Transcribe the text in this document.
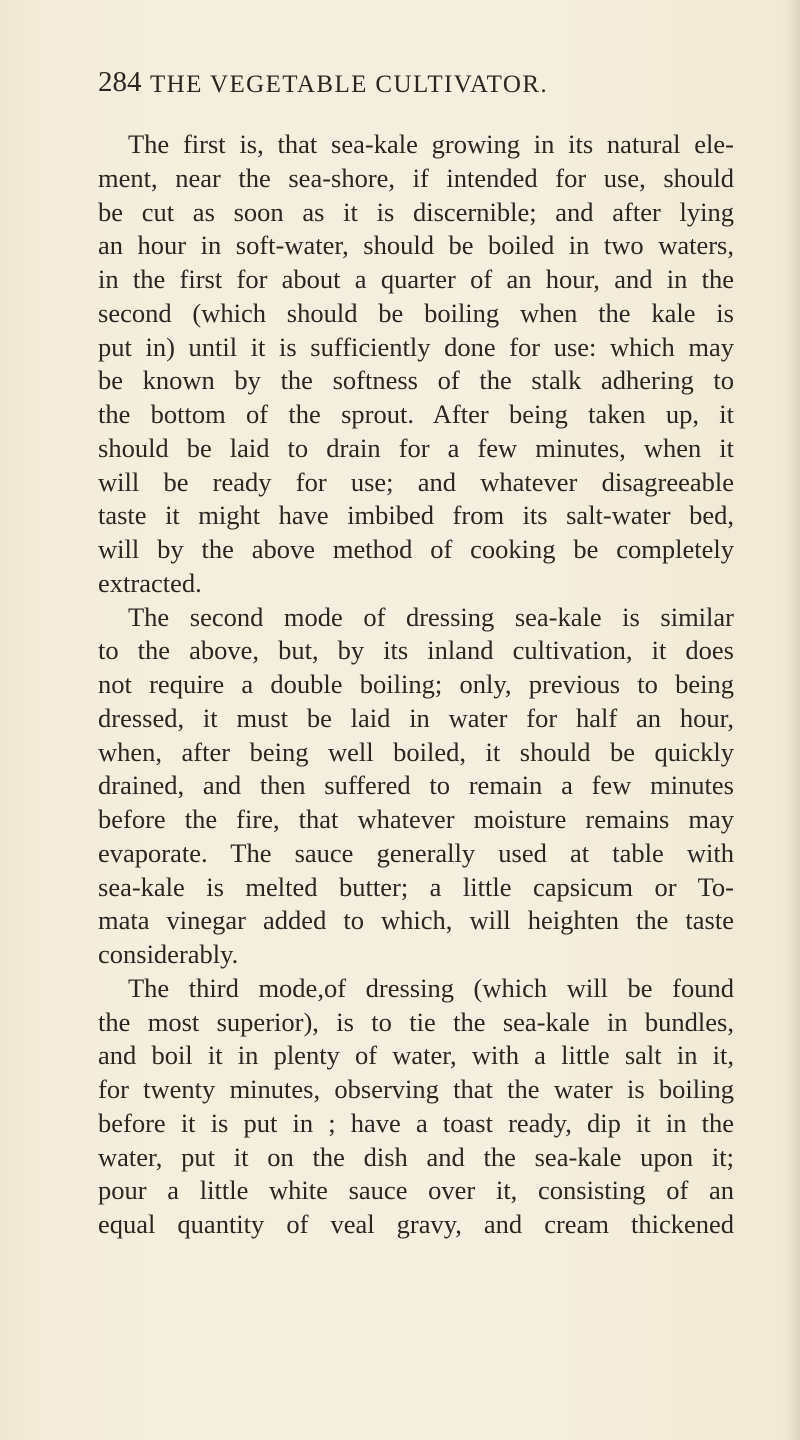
284 THE VEGETABLE CULTIVATOR.
The first is, that sea-kale growing in its natural ele-
ment, near the sea-shore, if intended for use, should
be cut as soon as it is discernible; and after lying
an hour in soft-water, should be boiled in two waters,
in the first for about a quarter of an hour, and in the
second (which should be boiling when the kale is
put in) until it is sufficiently done for use: which may
be known by the softness of the stalk adhering to
the bottom of the sprout. After being taken up, it
should be laid to drain for a few minutes, when it
will be ready for use; and whatever disagreeable
taste it might have imbibed from its salt-water bed,
will by the above method of cooking be completely
extracted.
The second mode of dressing sea-kale is similar
to the above, but, by its inland cultivation, it does
not require a double boiling; only, previous to being
dressed, it must be laid in water for half an hour,
when, after being well boiled, it should be quickly
drained, and then suffered to remain a few minutes
before the fire, that whatever moisture remains may
evaporate. The sauce generally used at table with
sea-kale is melted butter; a little capsicum or To-
mata vinegar added to which, will heighten the taste
considerably.
The third mode,of dressing (which will be found
the most superior), is to tie the sea-kale in bundles,
and boil it in plenty of water, with a little salt in it,
for twenty minutes, observing that the water is boiling
before it is put in ; have a toast ready, dip it in the
water, put it on the dish and the sea-kale upon it;
pour a little white sauce over it, consisting of an
equal quantity of veal gravy, and cream thickened
